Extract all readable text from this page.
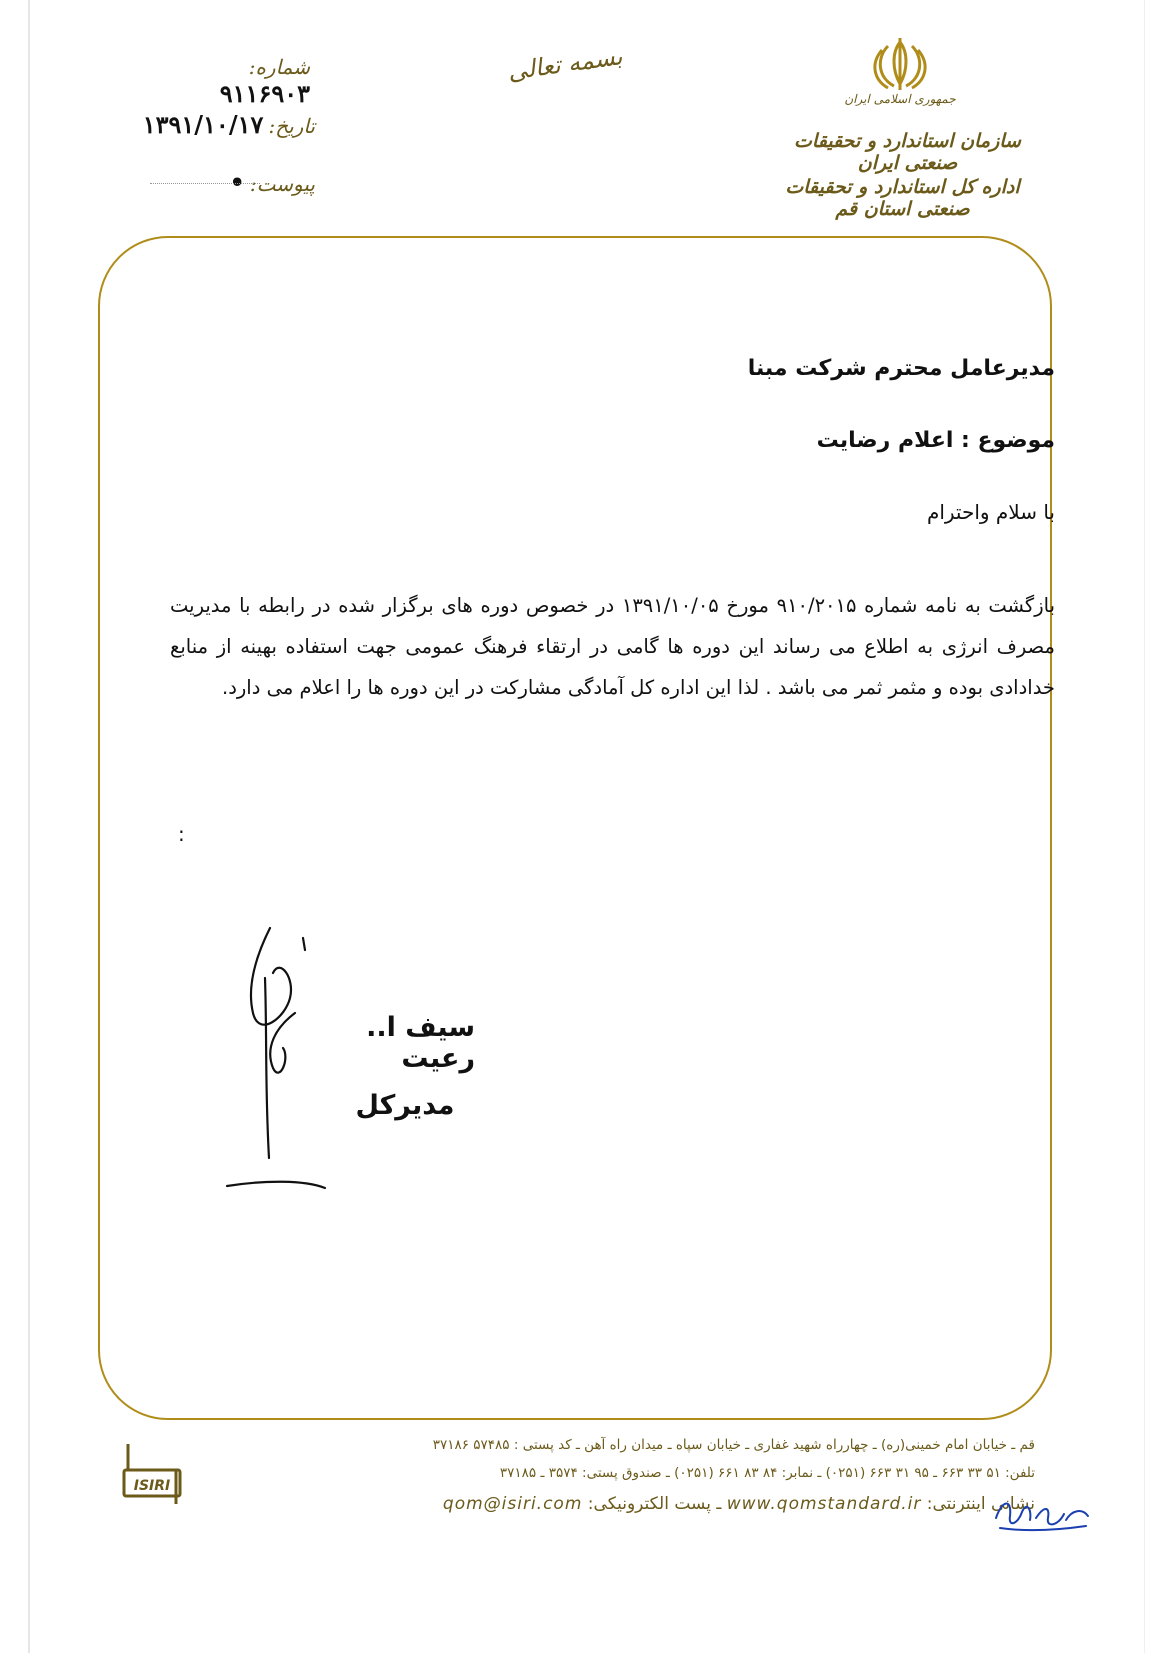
شماره: ۹۱۱۶۹۰۳
تاریخ: ۱۳۹۱/۱۰/۱۷
پیوست: •
بسمه تعالی
جمهوری اسلامی ایران
سازمان استاندارد و تحقیقات صنعتی ایران
اداره کل استاندارد و تحقیقات صنعتی استان قم
مدیرعامل محترم شرکت مبنا
موضوع : اعلام رضایت
با سلام واحترام
بازگشت به نامه شماره ۹۱۰/۲۰۱۵ مورخ ۱۳۹۱/۱۰/۰۵ در خصوص دوره های برگزار شده در رابطه با مدیریت مصرف انرژی به اطلاع می رساند این دوره ها گامی در ارتقاء فرهنگ عمومی جهت استفاده بهینه از منابع خدادادی بوده و مثمر ثمر می باشد . لذا این اداره کل آمادگی مشارکت در این دوره ها را اعلام می دارد.
:
سیف ا.. رعیت
مدیرکل
ISIRI
قم ـ خیابان امام خمینی(ره) ـ چهارراه شهید غفاری ـ خیابان سپاه ـ میدان راه آهن ـ کد پستی : ۵۷۴۸۵ ۳۷۱۸۶
تلفن: ۵۱ ۳۳ ۶۶۳ ـ ۹۵ ۳۱ ۶۶۳ (۰۲۵۱) ـ نمابر: ۸۴ ۸۳ ۶۶۱ (۰۲۵۱) ـ صندوق پستی: ۳۵۷۴ ـ ۳۷۱۸۵
نشانی اینترنتی: www.qomstandard.ir ـ پست الکترونیکی: qom@isiri.com
بایگانی
